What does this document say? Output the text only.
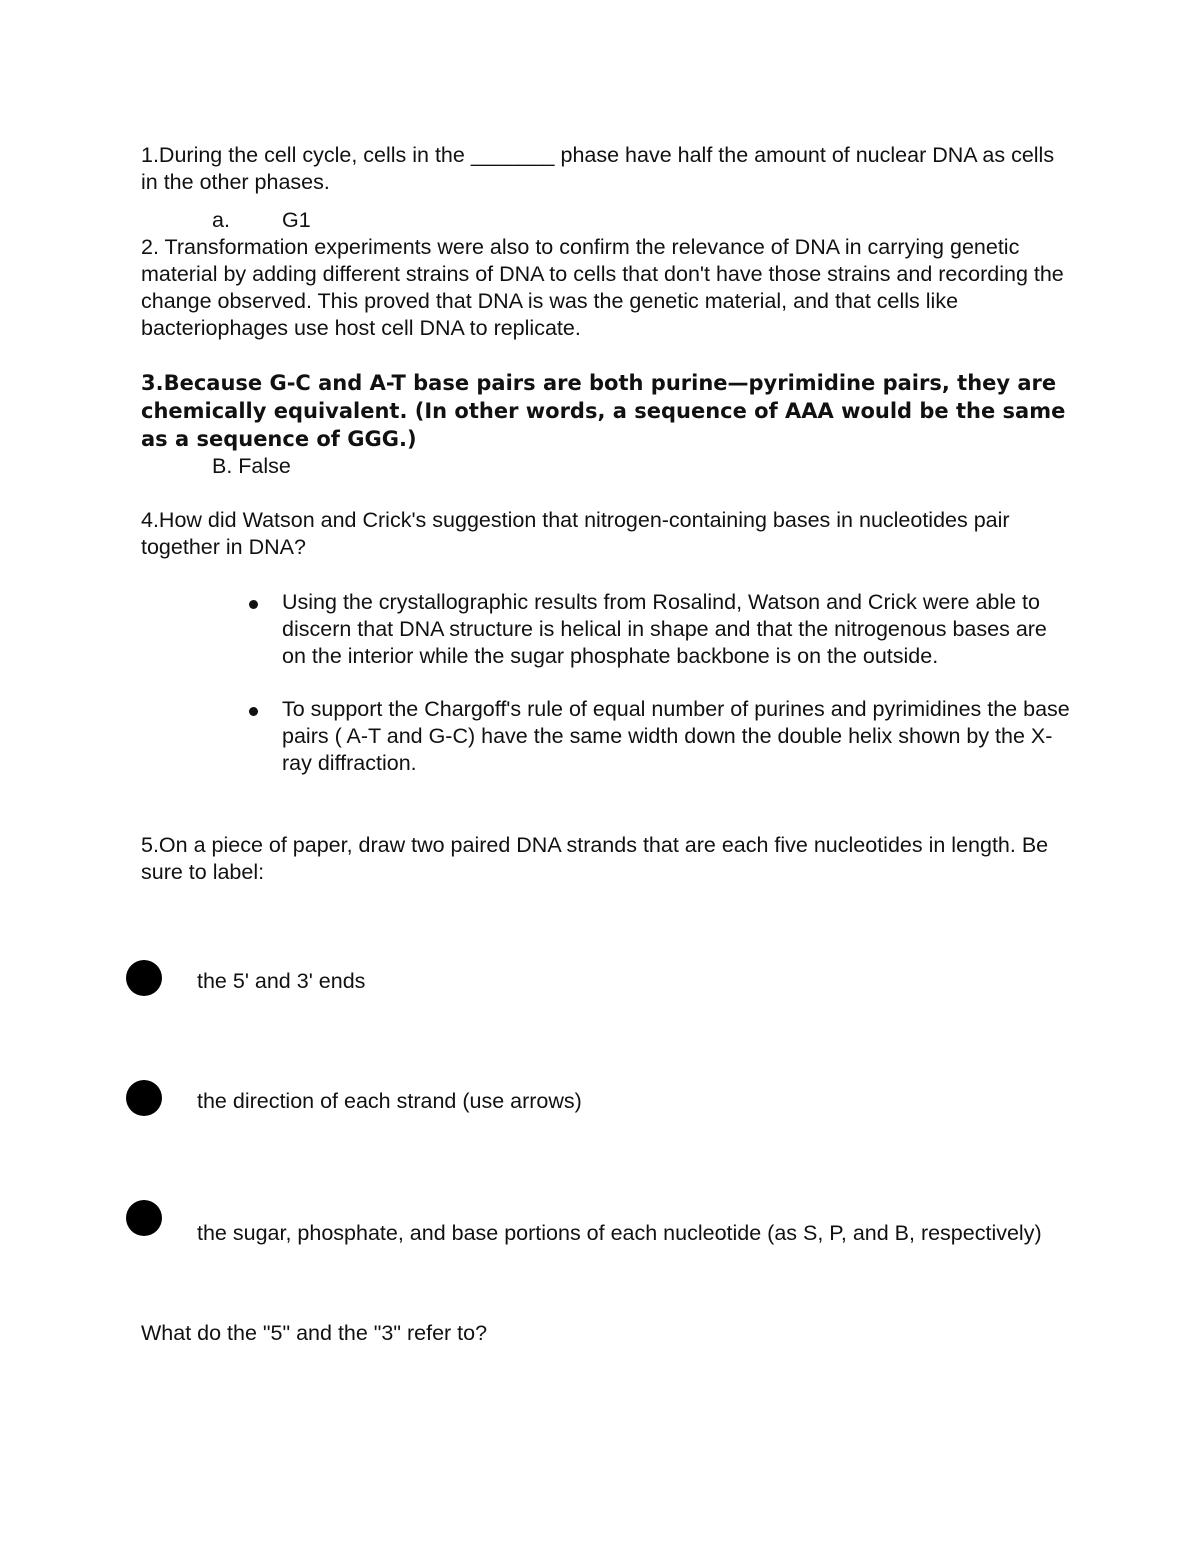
1.During the cell cycle, cells in the _______ phase have half the amount of nuclear DNA as cells in the other phases.
a. G1
2. Transformation experiments were also to confirm the relevance of DNA in carrying genetic material by adding different strains of DNA to cells that don't have those strains and recording the change observed. This proved that DNA is was the genetic material, and that cells like bacteriophages use host cell DNA to replicate.
3.Because G-C and A-T base pairs are both purine—pyrimidine pairs, they are chemically equivalent. (In other words, a sequence of AAA would be the same as a sequence of GGG.)
B. False
4.How did Watson and Crick's suggestion that nitrogen-containing bases in nucleotides pair together in DNA?
Using the crystallographic results from Rosalind, Watson and Crick were able to discern that DNA structure is helical in shape and that the nitrogenous bases are on the interior while the sugar phosphate backbone is on the outside.
To support the Chargoff's rule of equal number of purines and pyrimidines the base pairs ( A-T and G-C) have the same width down the double helix shown by the X-ray diffraction.
5.On a piece of paper, draw two paired DNA strands that are each five nucleotides in length. Be sure to label:
the 5' and 3' ends
the direction of each strand (use arrows)
the sugar, phosphate, and base portions of each nucleotide (as S, P, and B, respectively)
What do the "5" and the "3" refer to?
